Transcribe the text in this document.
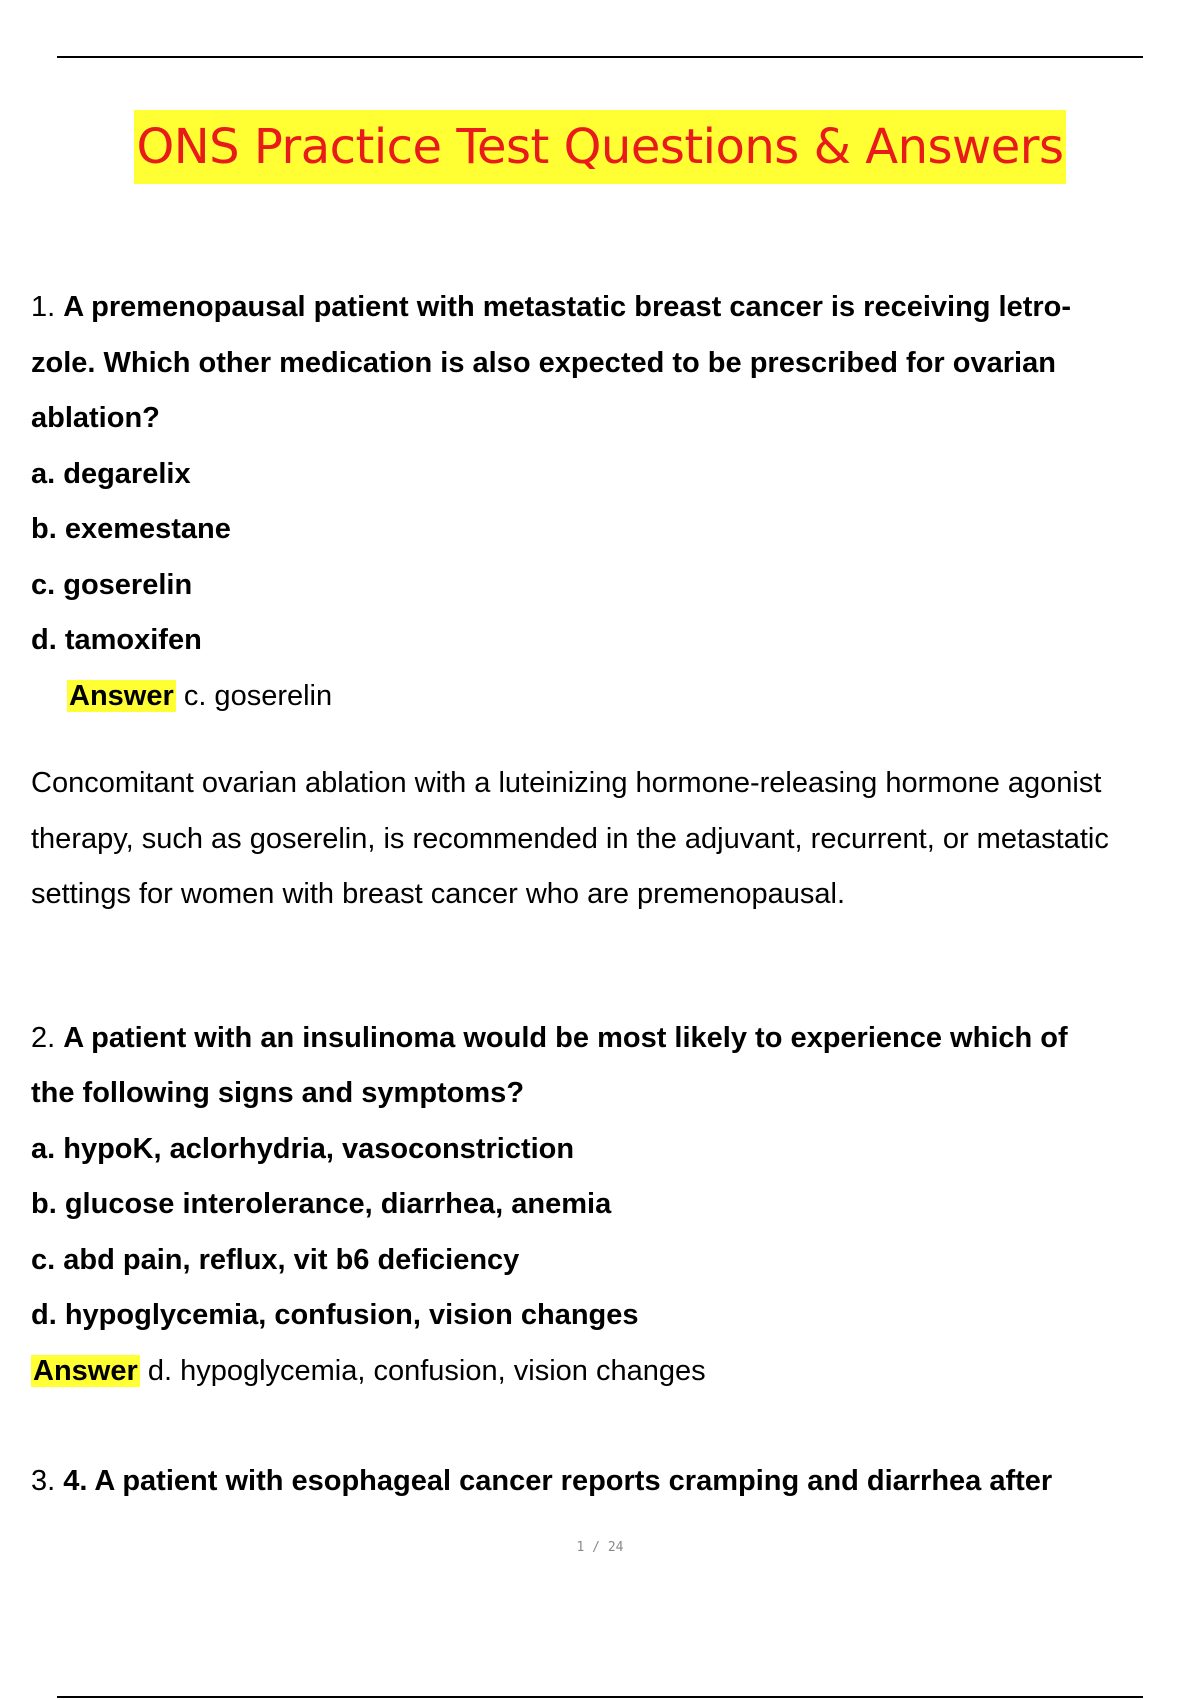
ONS Practice Test Questions & Answers

1. A premenopausal patient with metastatic breast cancer is receiving letro-

zole. Which other medication is also expected to be prescribed for ovarian

ablation?

a. degarelix

b. exemestane

c. goserelin

d. tamoxifen

Answer c. goserelin

Concomitant ovarian ablation with a luteinizing hormone-releasing hormone agonist

therapy, such as goserelin, is recommended in the adjuvant, recurrent, or metastatic

settings for women with breast cancer who are premenopausal.

2. A patient with an insulinoma would be most likely to experience which of

the following signs and symptoms?

a. hypoK, aclorhydria, vasoconstriction

b. glucose interolerance, diarrhea, anemia

c. abd pain, reflux, vit b6 deficiency

d. hypoglycemia, confusion, vision changes

Answer d. hypoglycemia, confusion, vision changes

3. 4. A patient with esophageal cancer reports cramping and diarrhea after

1 / 24
